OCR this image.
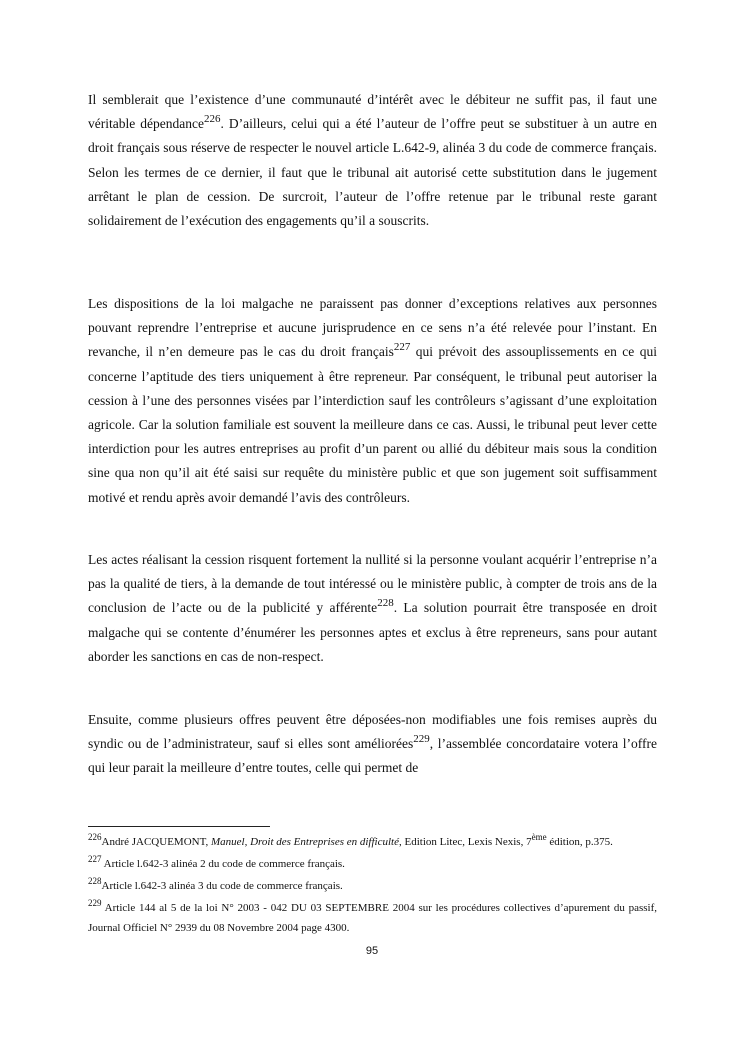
Il semblerait que l’existence d’une communauté d’intérêt avec le débiteur ne suffit pas, il faut une véritable dépendance$^{226}$. D’ailleurs, celui qui a été l’auteur de l’offre peut se substituer à un autre en droit français sous réserve de respecter le nouvel article L.642-9, alinéa 3 du code de commerce français. Selon les termes de ce dernier, il faut que le tribunal ait autorisé cette substitution dans le jugement arrêtant le plan de cession. De surcroit, l’auteur de l’offre retenue par le tribunal reste garant solidairement de l’exécution des engagements qu’il a souscrits.

Les dispositions de la loi malgache ne paraissent pas donner d’exceptions relatives aux personnes pouvant reprendre l’entreprise et aucune jurisprudence en ce sens n’a été relevée pour l’instant. En revanche, il n’en demeure pas le cas du droit français$^{227}$ qui prévoit des assouplissements en ce qui concerne l’aptitude des tiers uniquement à être repreneur. Par conséquent, le tribunal peut autoriser la cession à l’une des personnes visées par l’interdiction sauf les contrôleurs s’agissant d’une exploitation agricole. Car la solution familiale est souvent la meilleure dans ce cas. Aussi, le tribunal peut lever cette interdiction pour les autres entreprises au profit d’un parent ou allié du débiteur mais sous la condition sine qua non qu’il ait été saisi sur requête du ministère public et que son jugement soit suffisamment motivé et rendu après avoir demandé l’avis des contrôleurs.

Les actes réalisant la cession risquent fortement la nullité si la personne voulant acquérir l’entreprise n’a pas la qualité de tiers, à la demande de tout intéressé ou le ministère public, à compter de trois ans de la conclusion de l’acte ou de la publicité y afférente$^{228}$. La solution pourrait être transposée en droit malgache qui se contente d’énumérer les personnes aptes et exclus à être repreneurs, sans pour autant aborder les sanctions en cas de non-respect.

Ensuite, comme plusieurs offres peuvent être déposées-non modifiables une fois remises auprès du syndic ou de l’administrateur, sauf si elles sont améliorées$^{229}$, l’assemblée concordataire votera l’offre qui leur parait la meilleure d’entre toutes, celle qui permet de

$^{226}$André JACQUEMONT, Manuel, Droit des Entreprises en difficulté, Edition Litec, Lexis Nexis, 7ème édition, p.375.

$^{227}$ Article l.642-3 alinéa 2 du code de commerce français.

$^{228}$Article l.642-3 alinéa 3 du code de commerce français.

$^{229}$ Article 144 al 5 de la loi N° 2003 - 042 DU 03 SEPTEMBRE 2004 sur les procédures collectives d’apurement du passif, Journal Officiel N° 2939 du 08 Novembre 2004 page 4300.

95
